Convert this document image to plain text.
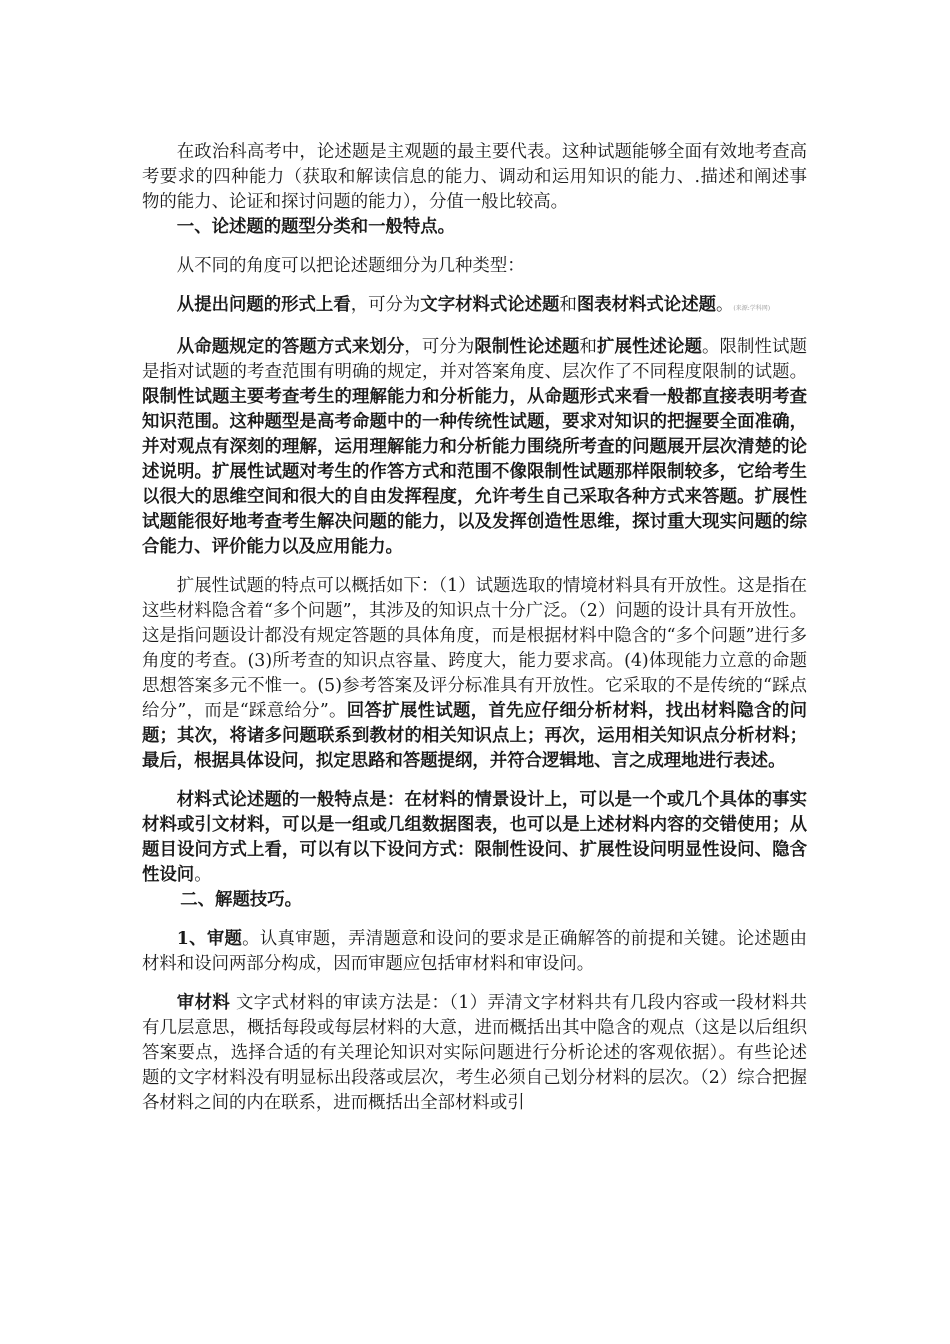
在政治科高考中，论述题是主观题的最主要代表。这种试题能够全面有效地考查高考要求的四种能力（获取和解读信息的能力、调动和运用知识的能力、.描述和阐述事物的能力、论证和探讨问题的能力），分值一般比较高。

一、论述题的题型分类和一般特点。

从不同的角度可以把论述题细分为几种类型：

从提出问题的形式上看，可分为文字材料式论述题和图表材料式论述题。(来源:学科网)

从命题规定的答题方式来划分，可分为限制性论述题和扩展性述论题。限制性试题是指对试题的考查范围有明确的规定，并对答案角度、层次作了不同程度限制的试题。限制性试题主要考查考生的理解能力和分析能力，从命题形式来看一般都直接表明考查知识范围。这种题型是高考命题中的一种传统性试题，要求对知识的把握要全面准确，并对观点有深刻的理解，运用理解能力和分析能力围绕所考查的问题展开层次清楚的论述说明。扩展性试题对考生的作答方式和范围不像限制性试题那样限制较多，它给考生以很大的思维空间和很大的自由发挥程度，允许考生自己采取各种方式来答题。扩展性试题能很好地考查考生解决问题的能力，以及发挥创造性思维，探讨重大现实问题的综合能力、评价能力以及应用能力。

扩展性试题的特点可以概括如下：（1）试题选取的情境材料具有开放性。这是指在这些材料隐含着“多个问题”，其涉及的知识点十分广泛。（2）问题的设计具有开放性。这是指问题设计都没有规定答题的具体角度，而是根据材料中隐含的“多个问题”进行多角度的考查。(3)所考查的知识点容量、跨度大，能力要求高。(4)体现能力立意的命题思想答案多元不惟一。(5)参考答案及评分标准具有开放性。它采取的不是传统的“踩点给分”，而是“踩意给分”。回答扩展性试题，首先应仔细分析材料，找出材料隐含的问题；其次，将诸多问题联系到教材的相关知识点上；再次，运用相关知识点分析材料；最后，根据具体设问，拟定思路和答题提纲，并符合逻辑地、言之成理地进行表述。

材料式论述题的一般特点是：在材料的情景设计上，可以是一个或几个具体的事实材料或引文材料，可以是一组或几组数据图表，也可以是上述材料内容的交错使用；从题目设问方式上看，可以有以下设问方式：限制性设问、扩展性设问明显性设问、隐含性设问。

二、解题技巧。

1、审题。认真审题，弄清题意和设问的要求是正确解答的前提和关键。论述题由材料和设问两部分构成，因而审题应包括审材料和审设问。

审材料 文字式材料的审读方法是：（1）弄清文字材料共有几段内容或一段材料共有几层意思，概括每段或每层材料的大意，进而概括出其中隐含的观点（这是以后组织答案要点，选择合适的有关理论知识对实际问题进行分析论述的客观依据）。有些论述题的文字材料没有明显标出段落或层次，考生必须自己划分材料的层次。（2）综合把握各材料之间的内在联系，进而概括出全部材料或引
